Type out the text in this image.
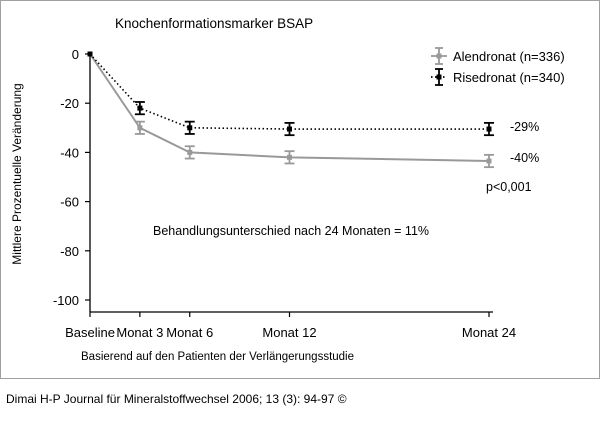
0
-20
-40
-60
-80
-100
Baseline Monat 3 Monat 6	Monat 12	Monat 24
Alendronat (n=336)
Risedronat (n=340)
Knochenformationsmarker BSAP
Mittlere Prozentuelle Veränderung
Basierend auf den Patienten der Verlängerungsstudie
Behandlungsunterschied nach 24 Monaten = 11%
-29%
-40%
p<0,001
Dimai H-P Journal für Mineralstoffwechsel 2006; 13 (3): 94-97 ©
